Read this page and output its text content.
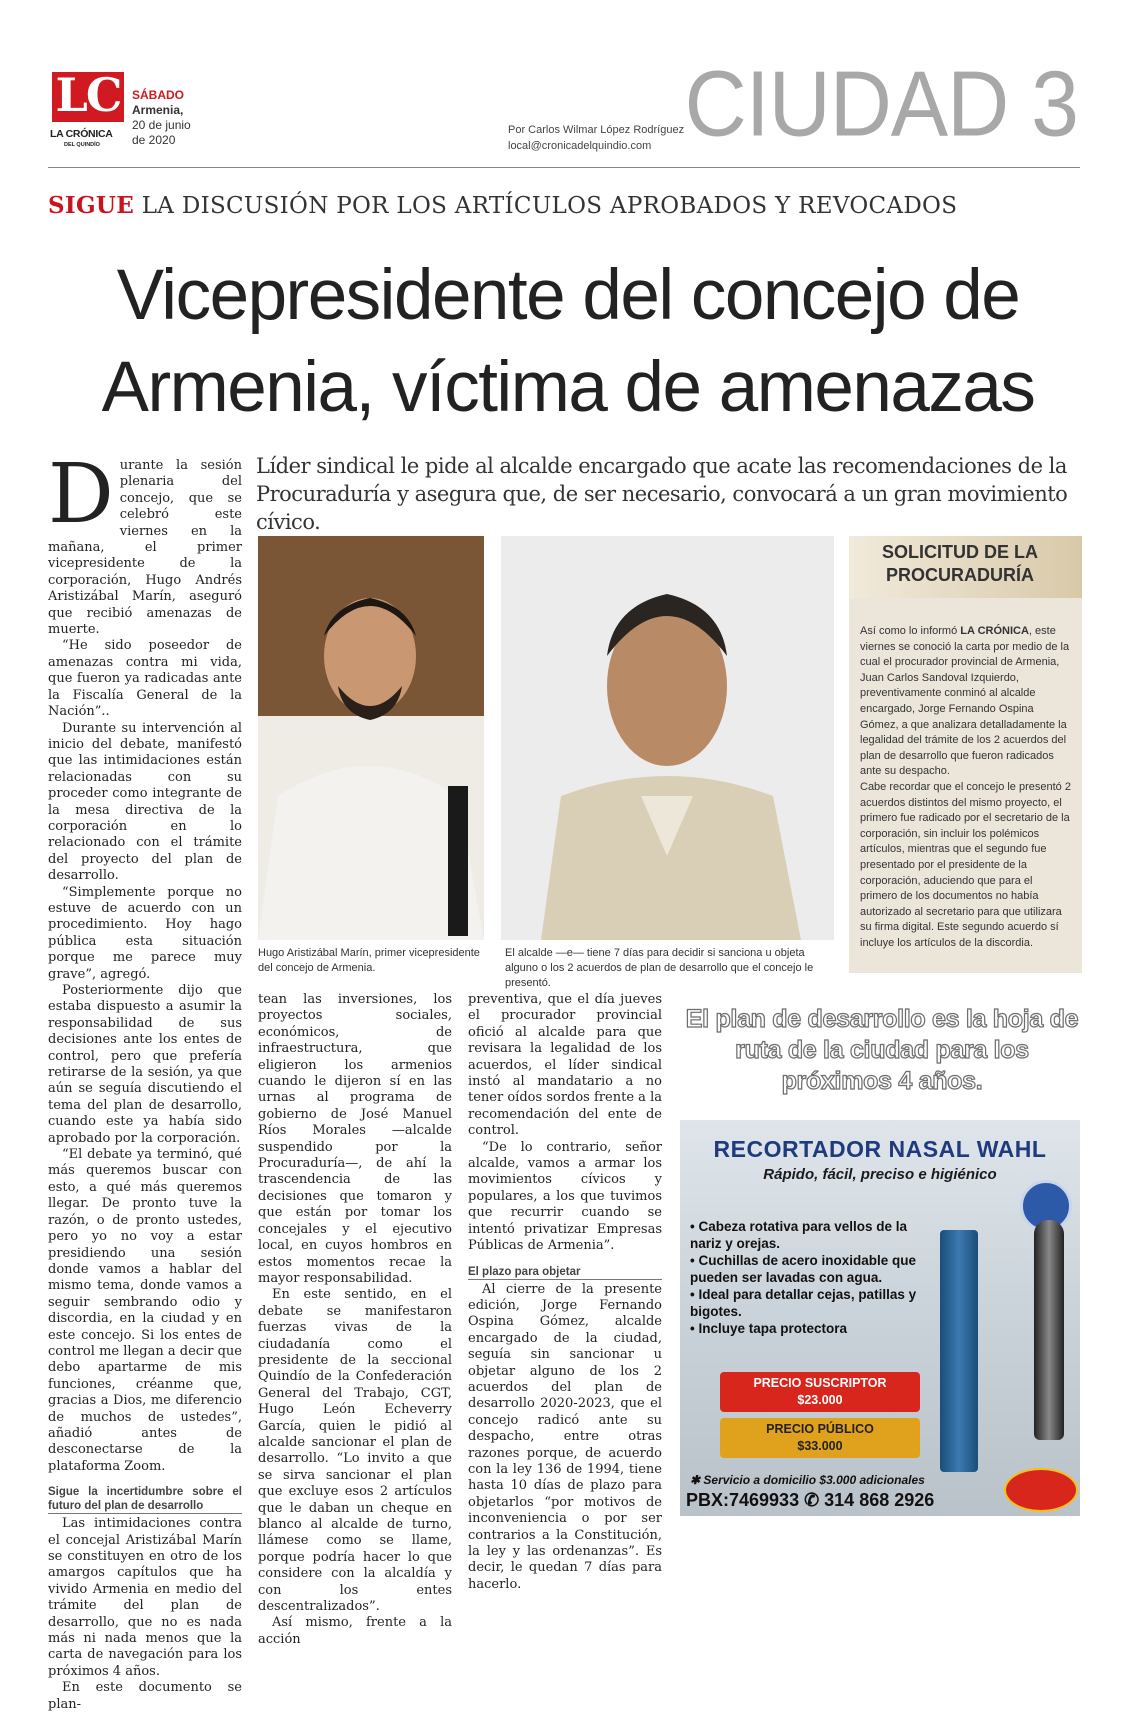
LC
LA CRÓNICA
DEL QUINDÍO
SÁBADO
Armenia,
20 de junio
de 2020
Por Carlos Wilmar López Rodríguez
local@cronicadelquindio.com CIUDAD 3
SIGUE LA DISCUSIÓN POR LOS ARTÍCULOS APROBADOS Y REVOCADOS
Vicepresidente del concejo de
Armenia, víctima de amenazas
Líder sindical le pide al alcalde encargado que acate las recomendaciones de la Procuraduría y asegura que, de ser necesario, convocará a un gran movimiento cívico.
D urante la sesión plenaria del concejo, que se celebró este viernes en la mañana, el primer vicepresidente de la corporación, Hugo Andrés Aristizábal Marín, aseguró que recibió amenazas de muerte.

“He sido poseedor de amenazas contra mi vida, que fueron ya radicadas ante la Fiscalía General de la Nación”..

Durante su intervención al inicio del debate, manifestó que las intimidaciones están relacionadas con su proceder como integrante de la mesa directiva de la corporación en lo relacionado con el trámite del proyecto del plan de desarrollo.

“Simplemente porque no estuve de acuerdo con un procedimiento. Hoy hago pública esta situación porque me parece muy grave”, agregó.

Posteriormente dijo que estaba dispuesto a asumir la responsabilidad de sus decisiones ante los entes de control, pero que prefería retirarse de la sesión, ya que aún se seguía discutiendo el tema del plan de desarrollo, cuando este ya había sido aprobado por la corporación.

“El debate ya terminó, qué más queremos buscar con esto, a qué más queremos llegar. De pronto tuve la razón, o de pronto ustedes, pero yo no voy a estar presidiendo una sesión donde vamos a hablar del mismo tema, donde vamos a seguir sembrando odio y discordia, en la ciudad y en este concejo. Si los entes de control me llegan a decir que debo apartarme de mis funciones, créanme que, gracias a Dios, me diferencio de muchos de ustedes”, añadió antes de desconectarse de la plataforma Zoom.

Sigue la incertidumbre sobre el futuro del plan de desarrollo

Las intimidaciones contra el concejal Aristizábal Marín se constituyen en otro de los amargos capítulos que ha vivido Armenia en medio del trámite del plan de desarrollo, que no es nada más ni nada menos que la carta de navegación para los próximos 4 años.

En este documento se plan-

Hugo Aristizábal Marín, primer vicepresidente del concejo de Armenia.
El alcalde —e— tiene 7 días para decidir si sanciona u objeta alguno o los 2 acuerdos de plan de desarrollo que el concejo le presentó.
SOLICITUD DE LA PROCURADURÍA

Así como lo informó LA CRÓNICA, este viernes se conoció la carta por medio de la cual el procurador provincial de Armenia, Juan Carlos Sandoval Izquierdo, preventivamente conminó al alcalde encargado, Jorge Fernando Ospina Gómez, a que analizara detalladamente la legalidad del trámite de los 2 acuerdos del plan de desarrollo que fueron radicados ante su despacho.

Cabe recordar que el concejo le presentó 2 acuerdos distintos del mismo proyecto, el primero fue radicado por el secretario de la corporación, sin incluir los polémicos artículos, mientras que el segundo fue presentado por el presidente de la corporación, aduciendo que para el primero de los documentos no había autorizado al secretario para que utilizara su firma digital. Este segundo acuerdo sí incluye los artículos de la discordia.

tean las inversiones, los proyectos sociales, económicos, de infraestructura, que eligieron los armenios cuando le dijeron sí en las urnas al programa de gobierno de José Manuel Ríos Morales —alcalde suspendido por la Procuraduría—, de ahí la trascendencia de las decisiones que tomaron y que están por tomar los concejales y el ejecutivo local, en cuyos hombros en estos momentos recae la mayor responsabilidad.

En este sentido, en el debate se manifestaron fuerzas vivas de la ciudadanía como el presidente de la seccional Quindío de la Confederación General del Trabajo, CGT, Hugo León Echeverry García, quien le pidió al alcalde sancionar el plan de desarrollo. “Lo invito a que se sirva sancionar el plan que excluye esos 2 artículos que le daban un cheque en blanco al alcalde de turno, llámese como se llame, porque podría hacer lo que considere con la alcaldía y con los entes descentralizados”.

Así mismo, frente a la acción

preventiva, que el día jueves el procurador provincial ofició al alcalde para que revisara la legalidad de los acuerdos, el líder sindical instó al mandatario a no tener oídos sordos frente a la recomendación del ente de control.

“De lo contrario, señor alcalde, vamos a armar los movimientos cívicos y populares, a los que tuvimos que recurrir cuando se intentó privatizar Empresas Públicas de Armenia”.

El plazo para objetar

Al cierre de la presente edición, Jorge Fernando Ospina Gómez, alcalde encargado de la ciudad, seguía sin sancionar u objetar alguno de los 2 acuerdos del plan de desarrollo 2020-2023, que el concejo radicó ante su despacho, entre otras razones porque, de acuerdo con la ley 136 de 1994, tiene hasta 10 días de plazo para objetarlos “por motivos de inconveniencia o por ser contrarios a la Constitución, la ley y las ordenanzas”. Es decir, le quedan 7 días para hacerlo.

El plan de desarrollo es la hoja de ruta de la ciudad para los próximos 4 años.
RECORTADOR NASAL WAHL
Rápido, fácil, preciso e higiénico
• Cabeza rotativa para vellos de la nariz y orejas.
• Cuchillas de acero inoxidable que pueden ser lavadas con agua.
• Ideal para detallar cejas, patillas y bigotes.
• Incluye tapa protectora
PRECIO SUSCRIPTOR
$23.000
PRECIO PÚBLICO
$33.000
✱ Servicio a domicilio $3.000 adicionales
PBX:7469933 ✆ 314 868 2926
